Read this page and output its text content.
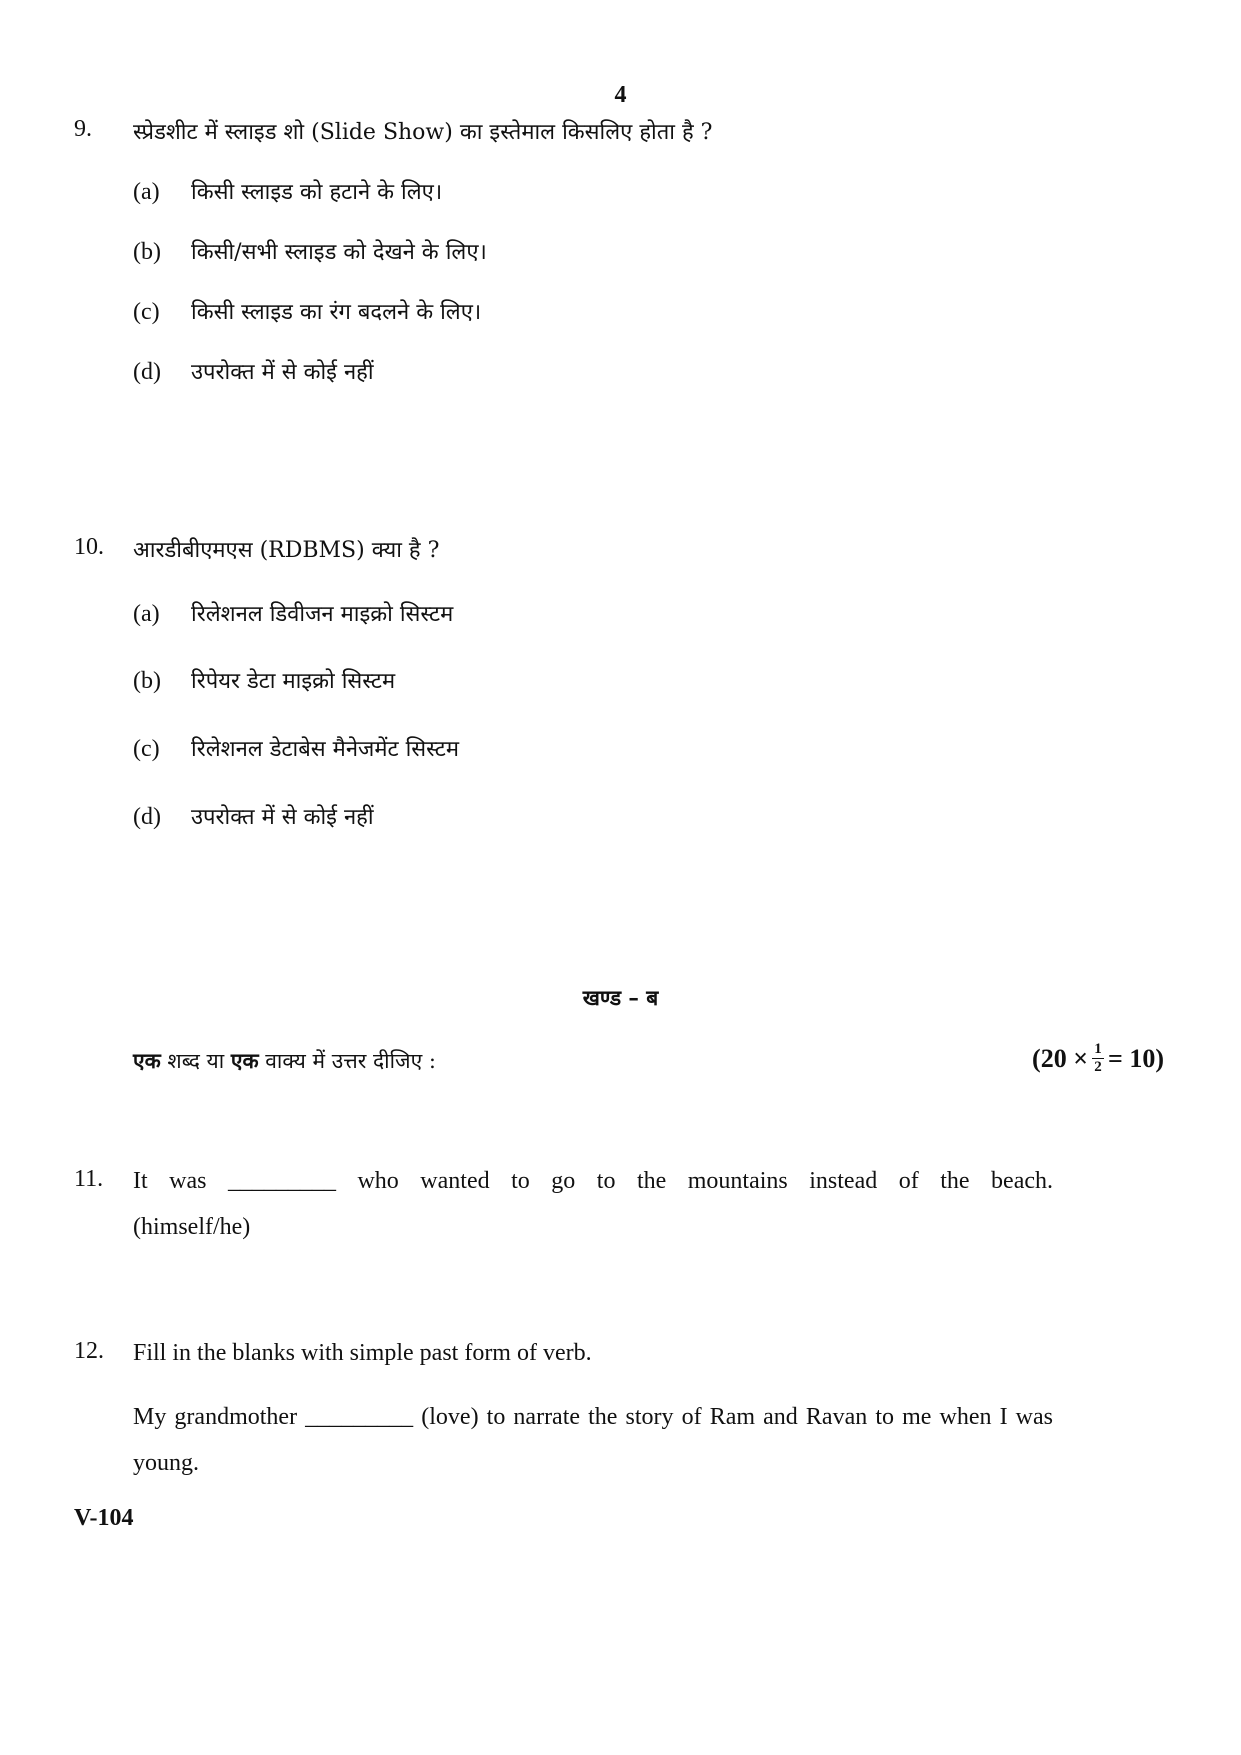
4
9. स्प्रेडशीट में स्लाइड शो (Slide Show) का इस्तेमाल किसलिए होता है ?
(a) किसी स्लाइड को हटाने के लिए।
(b) किसी/सभी स्लाइड को देखने के लिए।
(c) किसी स्लाइड का रंग बदलने के लिए।
(d) उपरोक्त में से कोई नहीं
10. आरडीबीएमएस (RDBMS) क्या है ?
(a) रिलेशनल डिवीजन माइक्रो सिस्टम
(b) रिपेयर डेटा माइक्रो सिस्टम
(c) रिलेशनल डेटाबेस मैनेजमेंट सिस्टम
(d) उपरोक्त में से कोई नहीं
खण्ड – ब
एक शब्द या एक वाक्य में उत्तर दीजिए :	$(20 \times \frac{1}{2} = 10)$
11. It was _________ who wanted to go to the mountains instead of the beach.
(himself/he)
12. Fill in the blanks with simple past form of verb.
My grandmother _________ (love) to narrate the story of Ram and Ravan to me when I was young.
V-104
